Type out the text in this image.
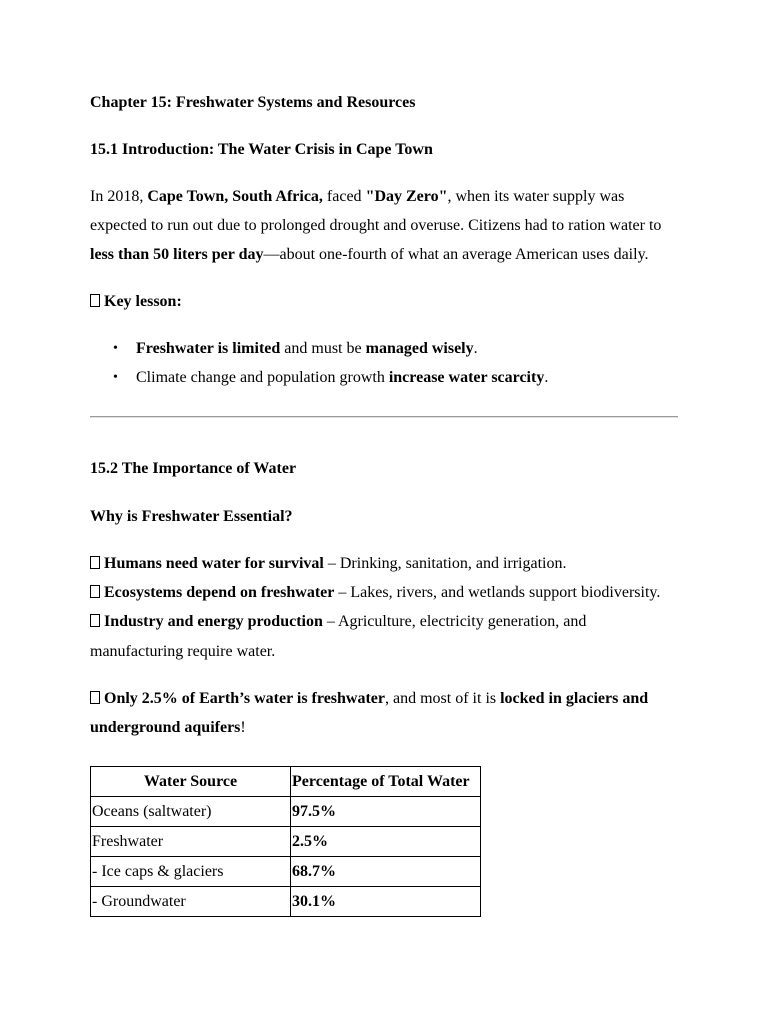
Chapter 15: Freshwater Systems and Resources
15.1 Introduction: The Water Crisis in Cape Town
In 2018, Cape Town, South Africa, faced "Day Zero", when its water supply was
expected to run out due to prolonged drought and overuse. Citizens had to ration water to
less than 50 liters per day—about one-fourth of what an average American uses daily.
Key lesson:
• Freshwater is limited and must be managed wisely.
• Climate change and population growth increase water scarcity.
15.2 The Importance of Water
Why is Freshwater Essential?
Humans need water for survival – Drinking, sanitation, and irrigation.
Ecosystems depend on freshwater – Lakes, rivers, and wetlands support biodiversity.
Industry and energy production – Agriculture, electricity generation, and
manufacturing require water.
Only 2.5% of Earth’s water is freshwater, and most of it is locked in glaciers and
underground aquifers!
Water Source	Percentage of Total Water
Oceans (saltwater)	97.5%
Freshwater	2.5%
- Ice caps & glaciers	68.7%
- Groundwater	30.1%
